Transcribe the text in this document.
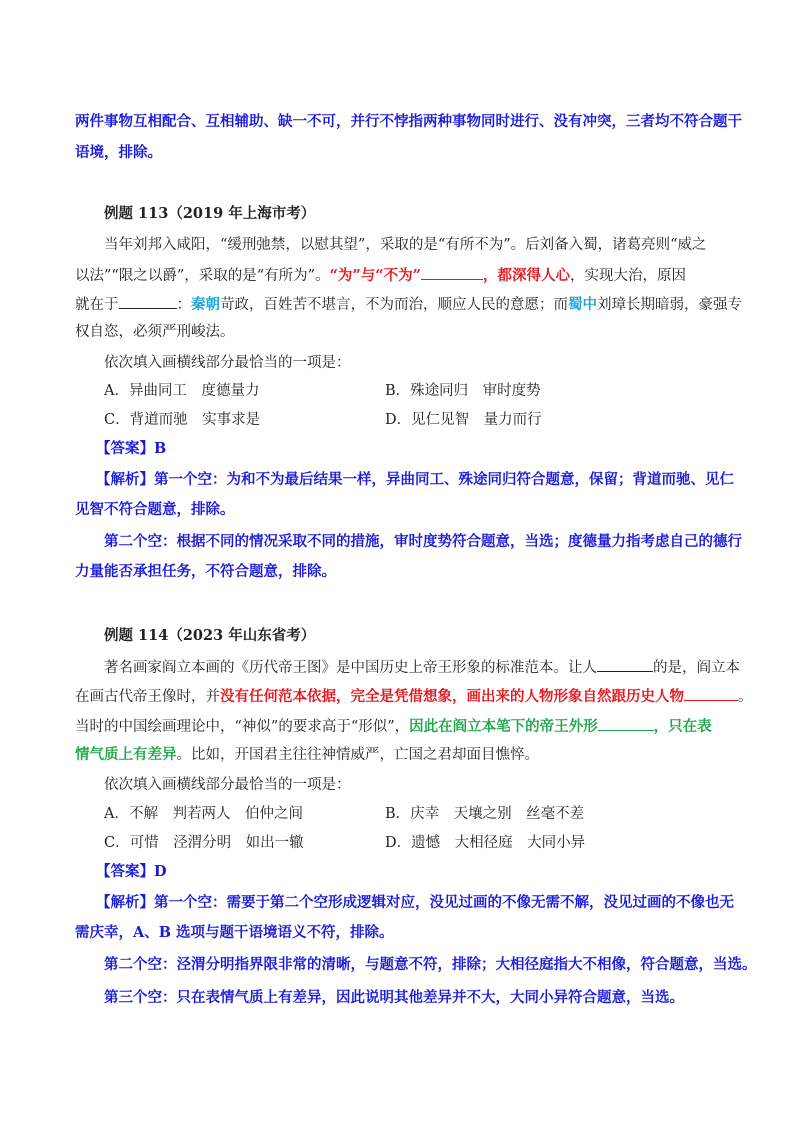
两件事物互相配合、互相辅助、缺一不可，并行不悖指两种事物同时进行、没有冲突，三者均不符合题干
语境，排除。
例题 113（2019 年上海市考）
当年刘邦入咸阳，“缓刑弛禁，以慰其望”，采取的是“有所不为”。后刘备入蜀，诸葛亮则“威之
以法”“限之以爵”，采取的是“有所为”。“为”与“不为”	，都深得人心，实现大治，原因
就在于	：秦朝苛政，百姓苦不堪言，不为而治，顺应人民的意愿；而蜀中刘璋长期暗弱，豪强专
权自恣，必须严刑峻法。
依次填入画横线部分最恰当的一项是：
A．异曲同工　度德量力	B．殊途同归　审时度势
C．背道而驰　实事求是	D．见仁见智　量力而行
【答案】B
【解析】第一个空：为和不为最后结果一样，异曲同工、殊途同归符合题意，保留；背道而驰、见仁
见智不符合题意，排除。
第二个空：根据不同的情况采取不同的措施，审时度势符合题意，当选；度德量力指考虑自己的德行
力量能否承担任务，不符合题意，排除。
例题 114（2023 年山东省考）
著名画家阎立本画的《历代帝王图》是中国历史上帝王形象的标准范本。让人	的是，阎立本
在画古代帝王像时，并没有任何范本依据，完全是凭借想象，画出来的人物形象自然跟历史人物	。
当时的中国绘画理论中，“神似”的要求高于“形似”，因此在阎立本笔下的帝王外形	，只在表
情气质上有差异。比如，开国君主往往神情威严，亡国之君却面目憔悴。
依次填入画横线部分最恰当的一项是：
A．不解　判若两人　伯仲之间	B．庆幸　天壤之别　丝毫不差
C．可惜　泾渭分明　如出一辙	D．遗憾　大相径庭　大同小异
【答案】D
【解析】第一个空：需要于第二个空形成逻辑对应，没见过画的不像无需不解，没见过画的不像也无
需庆幸，A、B 选项与题干语境语义不符，排除。
第二个空：泾渭分明指界限非常的清晰，与题意不符，排除；大相径庭指大不相像，符合题意，当选。
第三个空：只在表情气质上有差异，因此说明其他差异并不大，大同小异符合题意，当选。
